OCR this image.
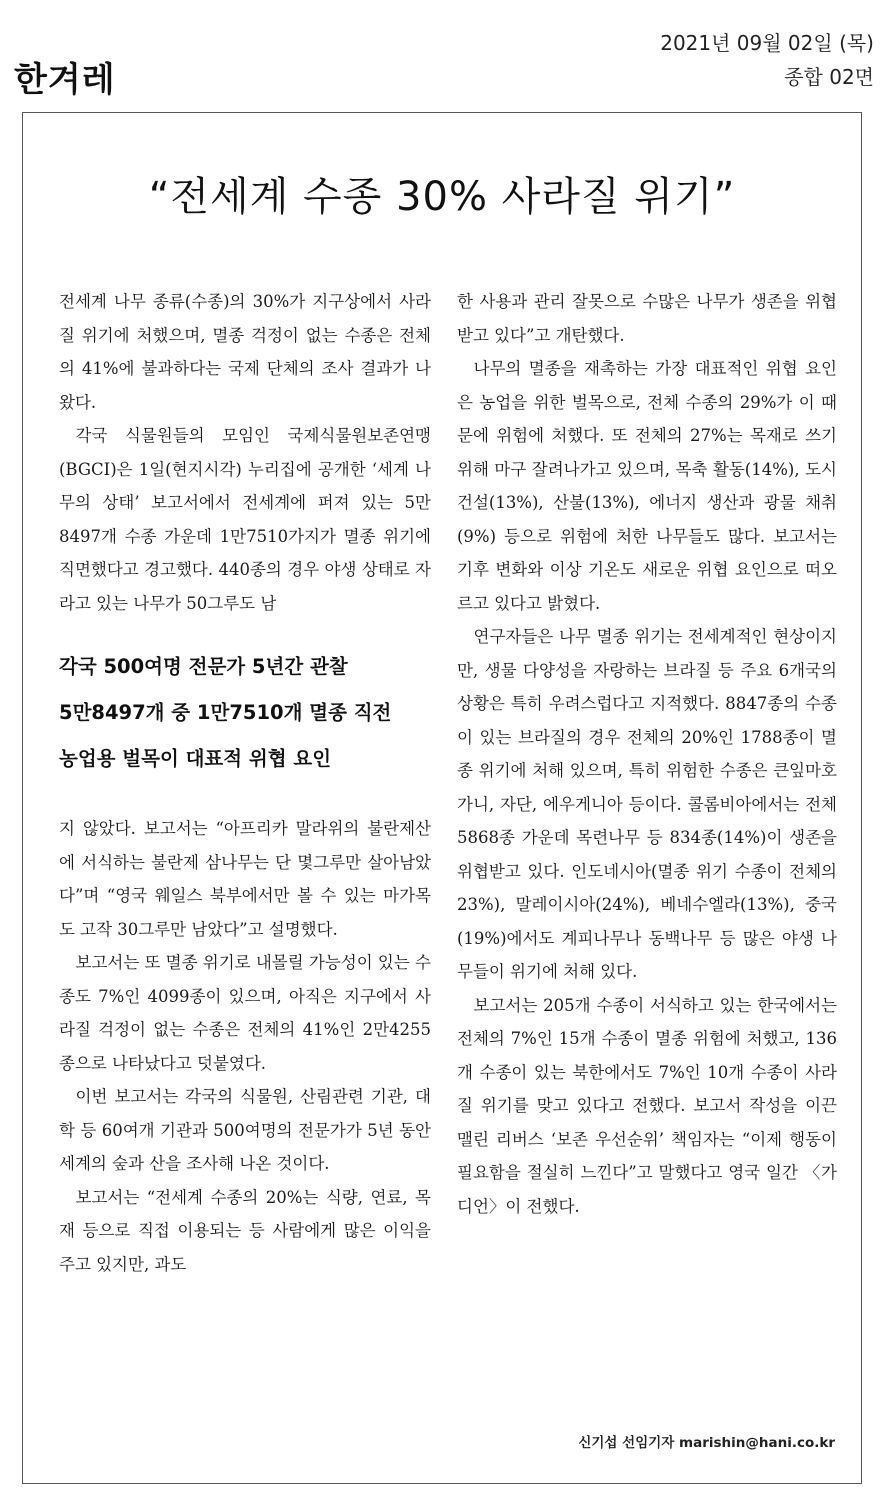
한겨레
2021년 09월 02일 (목)
종합 02면
“전세계 수종 30% 사라질 위기”

전세계 나무 종류(수종)의 30%가 지구상에서 사라질 위기에 처했으며, 멸종 걱정이 없는 수종은 전체의 41%에 불과하다는 국제 단체의 조사 결과가 나왔다.

각국 식물원들의 모임인 국제식물원보존연맹(BGCI)은 1일(현지시각) 누리집에 공개한 ‘세계 나무의 상태’ 보고서에서 전세계에 퍼져 있는 5만8497개 수종 가운데 1만7510가지가 멸종 위기에 직면했다고 경고했다. 440종의 경우 야생 상태로 자라고 있는 나무가 50그루도 남

각국 500여명 전문가 5년간 관찰
5만8497개 중 1만7510개 멸종 직전
농업용 벌목이 대표적 위협 요인

지 않았다. 보고서는 “아프리카 말라위의 불란제산에 서식하는 불란제 삼나무는 단 몇그루만 살아남았다”며 “영국 웨일스 북부에서만 볼 수 있는 마가목도 고작 30그루만 남았다”고 설명했다.

보고서는 또 멸종 위기로 내몰릴 가능성이 있는 수종도 7%인 4099종이 있으며, 아직은 지구에서 사라질 걱정이 없는 수종은 전체의 41%인 2만4255종으로 나타났다고 덧붙였다.

이번 보고서는 각국의 식물원, 산림관련 기관, 대학 등 60여개 기관과 500여명의 전문가가 5년 동안 세계의 숲과 산을 조사해 나온 것이다.

보고서는 “전세계 수종의 20%는 식량, 연료, 목재 등으로 직접 이용되는 등 사람에게 많은 이익을 주고 있지만, 과도

한 사용과 관리 잘못으로 수많은 나무가 생존을 위협받고 있다”고 개탄했다.

나무의 멸종을 재촉하는 가장 대표적인 위협 요인은 농업을 위한 벌목으로, 전체 수종의 29%가 이 때문에 위험에 처했다. 또 전체의 27%는 목재로 쓰기 위해 마구 잘려나가고 있으며, 목축 활동(14%), 도시 건설(13%), 산불(13%), 에너지 생산과 광물 채취(9%) 등으로 위험에 처한 나무들도 많다. 보고서는 기후 변화와 이상 기온도 새로운 위협 요인으로 떠오르고 있다고 밝혔다.

연구자들은 나무 멸종 위기는 전세계적인 현상이지만, 생물 다양성을 자랑하는 브라질 등 주요 6개국의 상황은 특히 우려스럽다고 지적했다. 8847종의 수종이 있는 브라질의 경우 전체의 20%인 1788종이 멸종 위기에 처해 있으며, 특히 위험한 수종은 큰잎마호가니, 자단, 에우게니아 등이다. 콜롬비아에서는 전체 5868종 가운데 목련나무 등 834종(14%)이 생존을 위협받고 있다. 인도네시아(멸종 위기 수종이 전체의 23%), 말레이시아(24%), 베네수엘라(13%), 중국(19%)에서도 계피나무나 동백나무 등 많은 야생 나무들이 위기에 처해 있다.

보고서는 205개 수종이 서식하고 있는 한국에서는 전체의 7%인 15개 수종이 멸종 위험에 처했고, 136개 수종이 있는 북한에서도 7%인 10개 수종이 사라질 위기를 맞고 있다고 전했다. 보고서 작성을 이끈 맬린 리버스 ‘보존 우선순위’ 책임자는 “이제 행동이 필요함을 절실히 느낀다”고 말했다고 영국 일간 〈가디언〉이 전했다.

신기섭 선임기자 marishin@hani.co.kr
